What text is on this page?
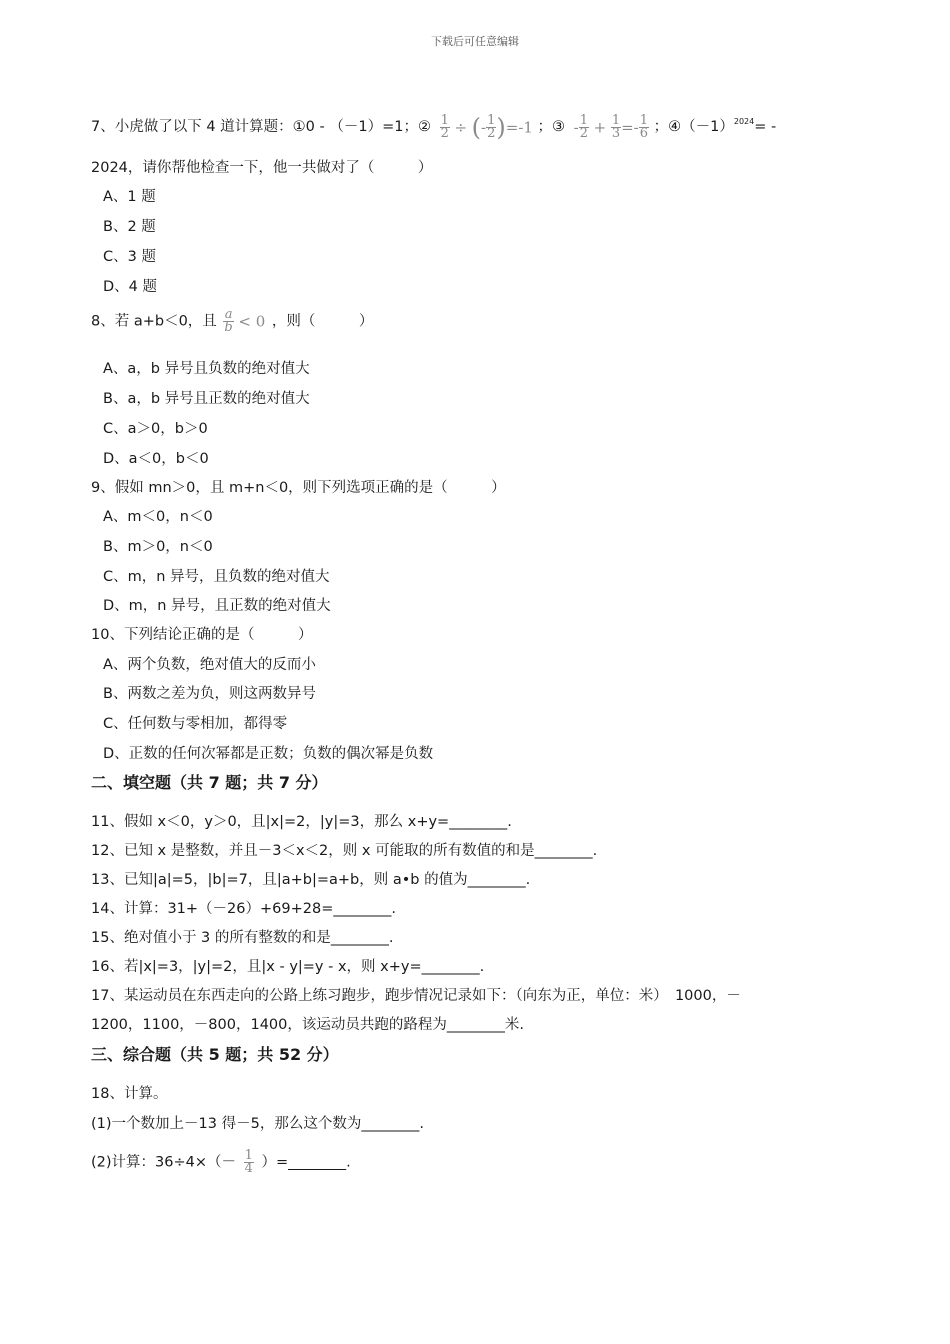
下载后可任意编辑
7、小虎做了以下 4 道计算题：①0 - （－1）=1；② $\frac{1}{2}$ ÷ (- $\frac{1}{2} )=-1$ ；③ - $\frac{1}{2} + \frac{1}{3} =- \frac{1}{6}$ ；$④(-1)^{2024}=$ -
2024，请你帮他检查一下，他一共做对了（　　　）
A、1 题
B、2 题
C、3 题
D、4 题
8、若 a+b＜0，且 $\frac{a}{b} < 0$ ，则（　　　）
A、a，b 异号且负数的绝对值大
B、a，b 异号且正数的绝对值大
C、a＞0，b＞0
D、a＜0，b＜0
9、假如 mn＞0，且 m+n＜0，则下列选项正确的是（　　　）
A、m＜0，n＜0
B、m＞0，n＜0
C、m，n 异号，且负数的绝对值大
D、m，n 异号，且正数的绝对值大
10、下列结论正确的是（　　　）
A、两个负数，绝对值大的反而小
B、两数之差为负，则这两数异号
C、任何数与零相加，都得零
D、正数的任何次幂都是正数；负数的偶次幂是负数
二、填空题（共 7 题；共 7 分）
11、假如 x＜0，y＞0，且|x|=2，|y|=3，那么 x+y=________.
12、已知 x 是整数，并且－3＜x＜2，则 x 可能取的所有数值的和是________.
13、已知|a|=5，|b|=7，且|a+b|=a+b，则 a•b 的值为________.
14、计算：31+（－26）+69+28=________.
15、绝对值小于 3 的所有整数的和是________.
16、若|x|=3，|y|=2，且|x - y|=y - x，则 x+y=________.
17、某运动员在东西走向的公路上练习跑步，跑步情况记录如下：（向东为正，单位：米）　1000，－
1200，1100，－800，1400，该运动员共跑的路程为________米.
三、综合题（共 5 题；共 52 分）
18、计算。
(1)一个数加上－13 得－5，那么这个数为________.
(2)计算：$36\div 4\times(- \frac{1}{4}$ ）=________.
